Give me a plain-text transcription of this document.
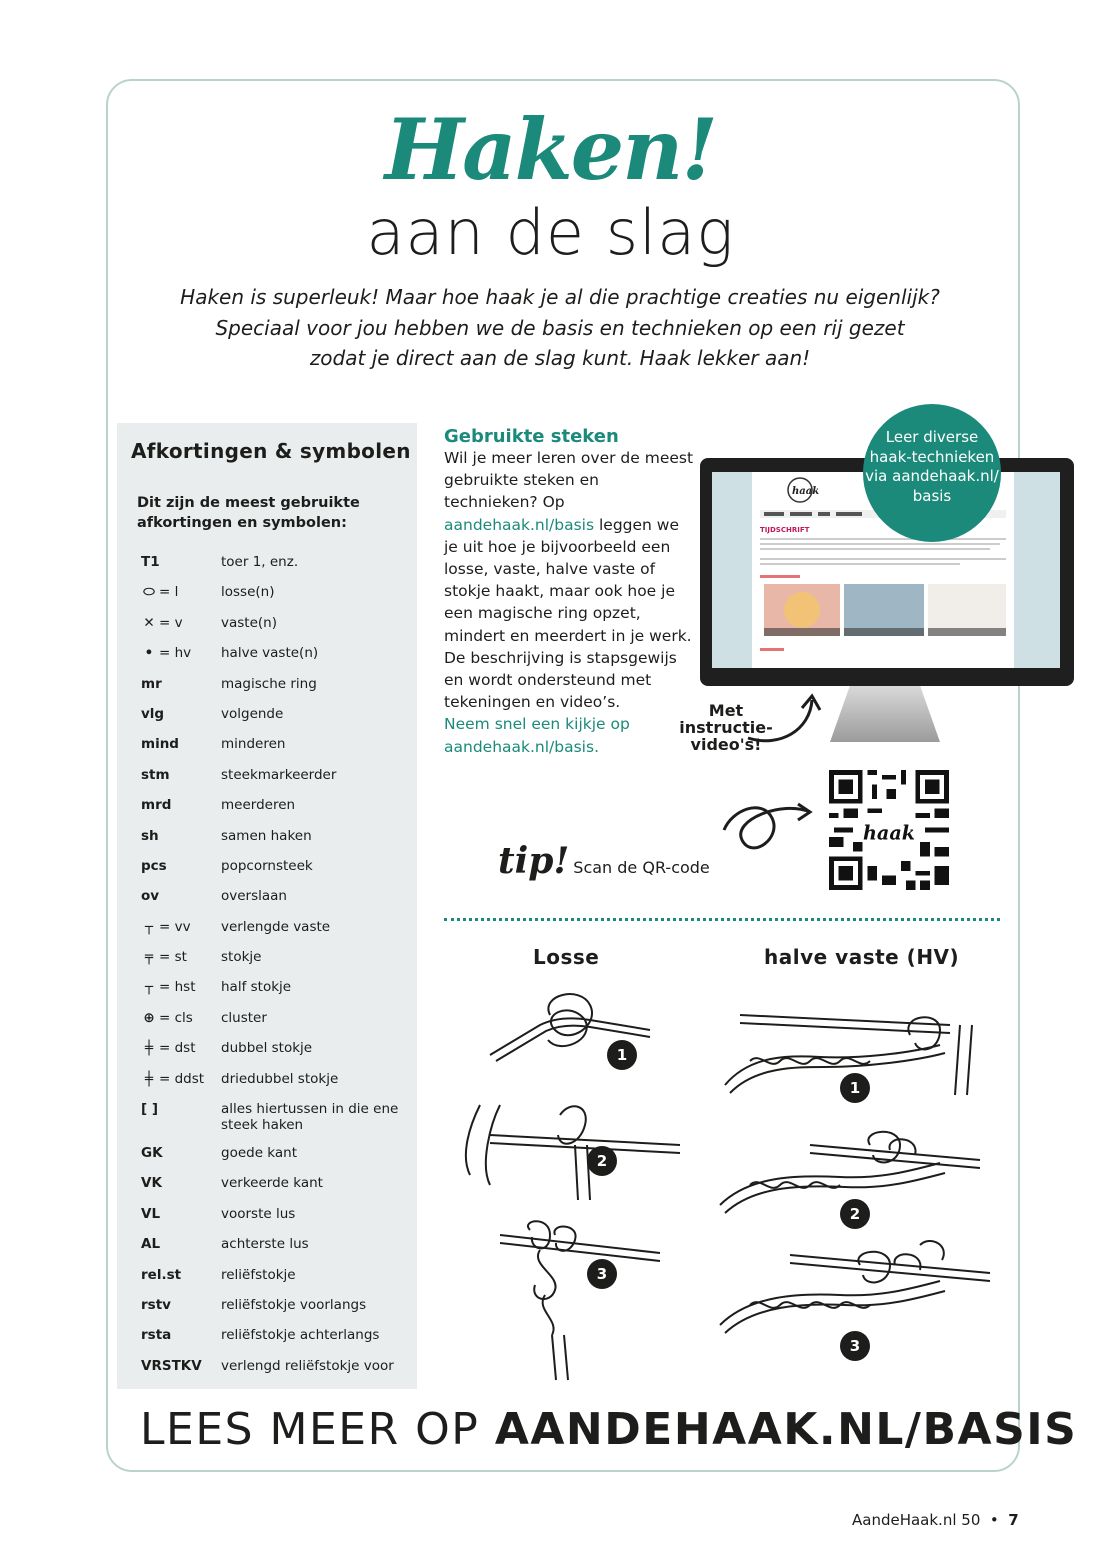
Haken!
aan de slag

Haken is superleuk! Maar hoe haak je al die prachtige creaties nu eigenlijk?

Speciaal voor jou hebben we de basis en technieken op een rij gezet

zodat je direct aan de slag kunt. Haak lekker aan!

Afkortingen & symbolen
Dit zijn de meest gebruikte afkortingen en symbolen:
T1	toer 1, enz.
⬭ = l	losse(n)
✕ = v	vaste(n)
• = hv	halve vaste(n)
mr	magische ring
vlg	volgende
mind	minderen
stm	steekmarkeerder
mrd	meerderen
sh	samen haken
pcs	popcornsteek
ov	overslaan
┬ = vv	verlengde vaste
╤ = st	stokje
┬ = hst	half stokje
⊕ = cls	cluster
╪ = dst	dubbel stokje
╪ = ddst	driedubbel stokje
[ ]	alles hiertussen in die ene steek haken
GK	goede kant
VK	verkeerde kant
VL	voorste lus
AL	achterste lus
rel.st	reliëfstokje
rstv	reliëfstokje voorlangs
rsta	reliëfstokje achterlangs
VRSTKV	verlengd reliëfstokje voor
Gebruikte steken
Wil je meer leren over de meest gebruikte steken en technieken? Op aandehaak.nl/basis leggen we je uit hoe je bijvoorbeeld een losse, vaste, halve vaste of stokje haakt, maar ook hoe je een magische ring opzet, mindert en meerdert in je werk. De beschrijving is stapsgewijs en wordt ondersteund met tekeningen en video’s.
Neem snel een kijkje op aandehaak.nl/basis.
haak
TIJDSCHRIFT
Leer diverse haak-technieken via aandehaak.nl/ basis
Met instructie-video's!
haak
tip! Scan de QR-code
Losse	halve vaste (HV)
1
2
3
1
2
3
LEES MEER OP AANDEHAAK.NL/BASIS
AandeHaak.nl 50  •  7
